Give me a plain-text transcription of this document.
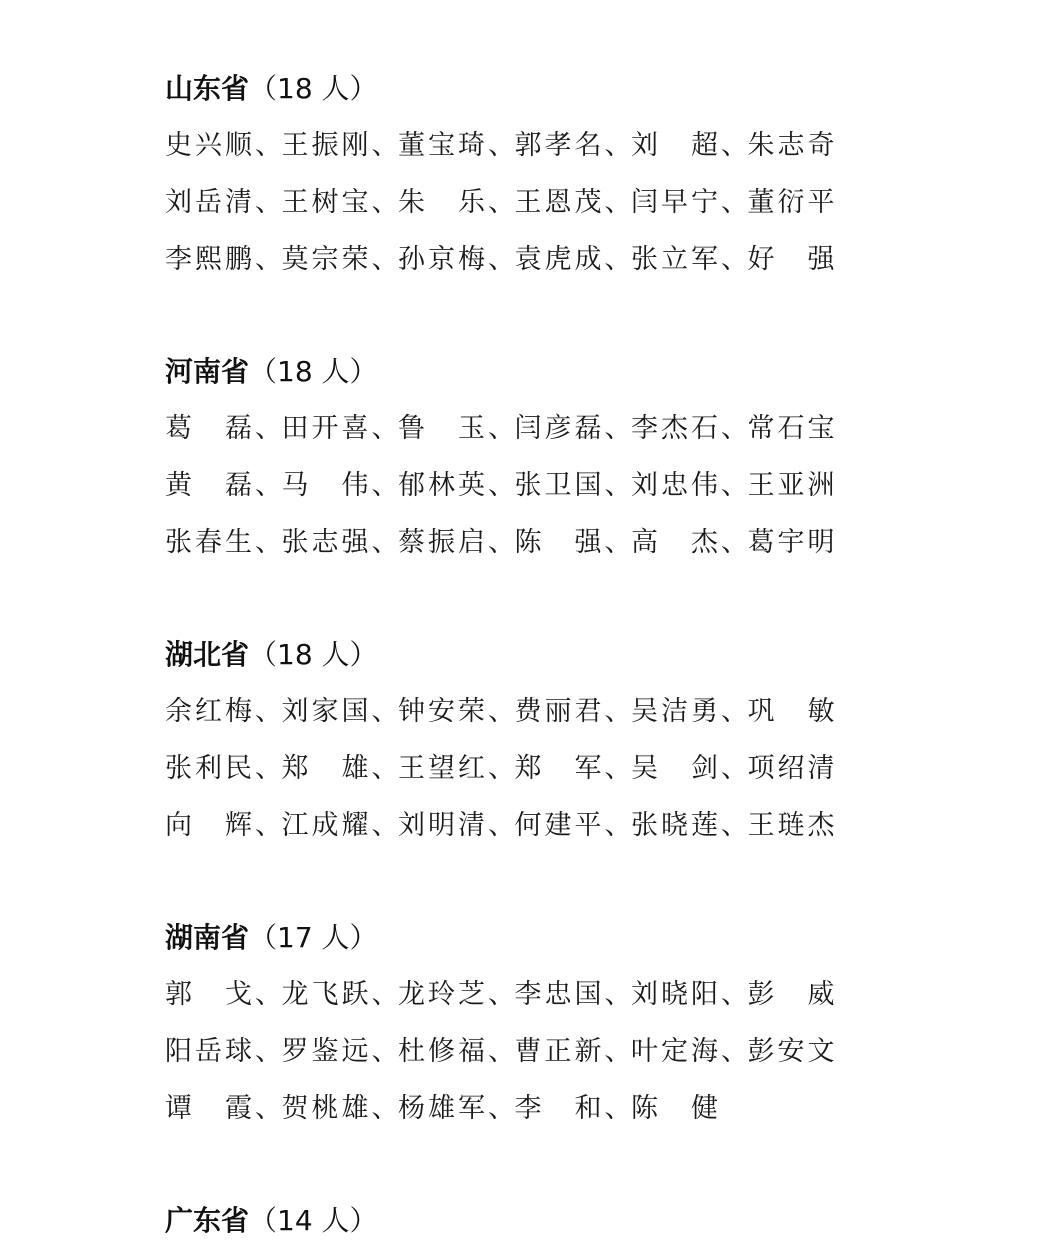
山东省（18 人）
史兴顺 、 王振刚 、 董宝琦 、 郭孝名 、 刘 超 、 朱志奇
刘岳清 、 王树宝 、 朱 乐 、 王恩茂 、 闫早宁 、 董衍平
李熙鹏 、 莫宗荣 、 孙京梅 、 袁虎成 、 张立军 、 好 强
河南省（18 人）
葛 磊 、 田开喜 、 鲁 玉 、 闫彦磊 、 李杰石 、 常石宝
黄 磊 、 马 伟 、 郁林英 、 张卫国 、 刘忠伟 、 王亚洲
张春生 、 张志强 、 蔡振启 、 陈 强 、 高 杰 、 葛宇明
湖北省（18 人）
余红梅 、 刘家国 、 钟安荣 、 费丽君 、 吴洁勇 、 巩 敏
张利民 、 郑 雄 、 王望红 、 郑 军 、 吴 剑 、 项绍清
向 辉 、 江成耀 、 刘明清 、 何建平 、 张晓莲 、 王琏杰
湖南省（17 人）
郭 戈 、 龙飞跃 、 龙玲芝 、 李忠国 、 刘晓阳 、 彭 威
阳岳球 、 罗鉴远 、 杜修福 、 曹正新 、 叶定海 、 彭安文
谭 霞 、 贺桃雄 、 杨雄军 、 李 和 、 陈 健
广东省（14 人）
